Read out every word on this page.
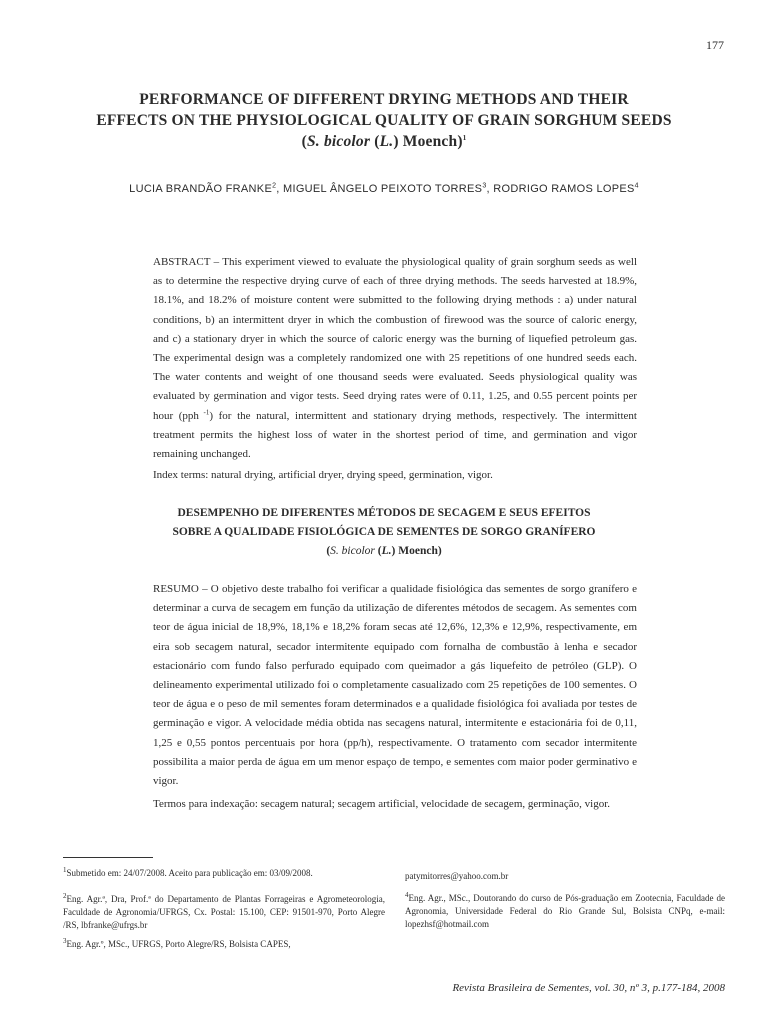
177
PERFORMANCE OF DIFFERENT DRYING METHODS AND THEIR
EFFECTS ON THE PHYSIOLOGICAL QUALITY OF GRAIN SORGHUM SEEDS
(S. bicolor (L.) Moench)$^1$
LUCIA BRANDÃO FRANKE$^2$, MIGUEL ÂNGELO PEIXOTO TORRES$^3$, RODRIGO RAMOS LOPES$^4$

ABSTRACT – This experiment viewed to evaluate the physiological quality of grain sorghum seeds as well as to determine the respective drying curve of each of three drying methods. The seeds harvested at 18.9%, 18.1%, and 18.2% of moisture content were submitted to the following drying methods : a) under natural conditions, b) an intermittent dryer in which the combustion of firewood was the source of caloric energy, and c) a stationary dryer in which the source of caloric energy was the burning of liquefied petroleum gas. The experimental design was a completely randomized one with 25 repetitions of one hundred seeds each. The water contents and weight of one thousand seeds were evaluated. Seeds physiological quality was evaluated by germination and vigor tests. Seed drying rates were of 0.11, 1.25, and 0.55 percent points per hour (pph $^{-1}$) for the natural, intermittent and stationary drying methods, respectively. The intermittent treatment permits the highest loss of water in the shortest period of time, and germination and vigor remaining unchanged.

Index terms: natural drying, artificial dryer, drying speed, germination, vigor.

DESEMPENHO DE DIFERENTES MÉTODOS DE SECAGEM E SEUS EFEITOS
SOBRE A QUALIDADE FISIOLÓGICA DE SEMENTES DE SORGO GRANÍFERO
(S. bicolor (L.) Moench)

RESUMO – O objetivo deste trabalho foi verificar a qualidade fisiológica das sementes de sorgo granífero e determinar a curva de secagem em função da utilização de diferentes métodos de secagem. As sementes com teor de água inicial de 18,9%, 18,1% e 18,2% foram secas até 12,6%, 12,3% e 12,9%, respectivamente, em eira sob secagem natural, secador intermitente equipado com fornalha de combustão à lenha e secador estacionário com fundo falso perfurado equipado com queimador a gás liquefeito de petróleo (GLP). O delineamento experimental utilizado foi o completamente casualizado com 25 repetições de 100 sementes. O teor de água e o peso de mil sementes foram determinados e a qualidade fisiológica foi avaliada por testes de germinação e vigor. A velocidade média obtida nas secagens natural, intermitente e estacionária foi de 0,11, 1,25 e 0,55 pontos percentuais por hora (pp/h), respectivamente. O tratamento com secador intermitente possibilita a maior perda de água em um menor espaço de tempo, e sementes com maior poder germinativo e vigor.

Termos para indexação: secagem natural; secagem artificial, velocidade de secagem, germinação, vigor.

$^1$Submetido em: 24/07/2008. Aceito para publicação em: 03/09/2008.

$^2$Eng. Agr.ª, Dra, Prof.ª do Departamento de Plantas Forrageiras e Agrometeorologia, Faculdade de Agronomia/UFRGS, Cx. Postal: 15.100, CEP: 91501-970, Porto Alegre /RS, lbfranke@ufrgs.br

$^3$Eng. Agr.º, MSc., UFRGS, Porto Alegre/RS, Bolsista CAPES,

patymitorres@yahoo.com.br

$^4$Eng. Agr., MSc., Doutorando do curso de Pós-graduação em Zootecnia, Faculdade de Agronomia, Universidade Federal do Rio Grande Sul, Bolsista CNPq, e-mail: lopezhsf@hotmail.com

Revista Brasileira de Sementes, vol. 30, nº 3, p.177-184, 2008
